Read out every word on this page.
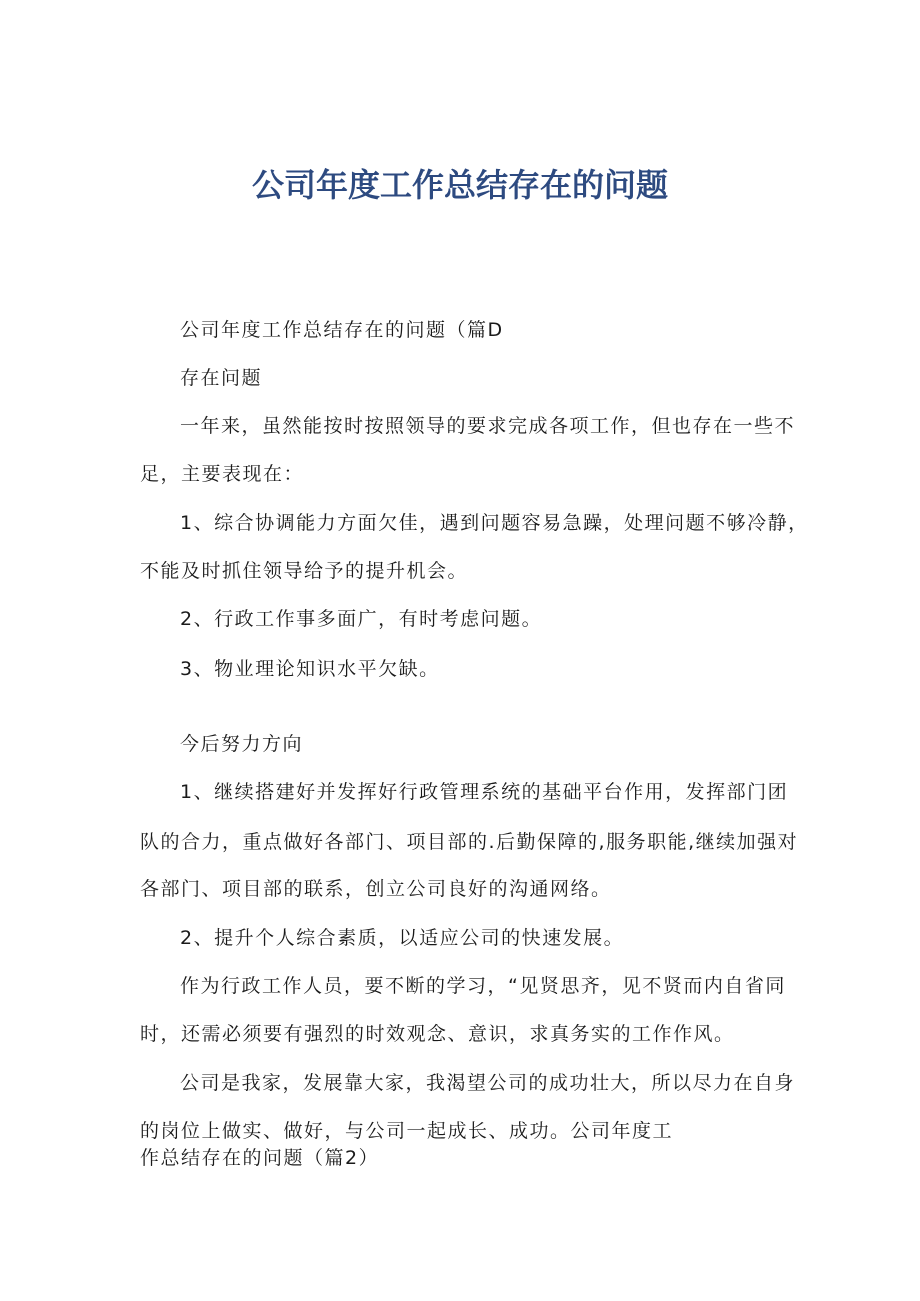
公司年度工作总结存在的问题
公司年度工作总结存在的问题（篇D
存在问题
一年来，虽然能按时按照领导的要求完成各项工作，但也存在一些不
足，主要表现在：
1、综合协调能力方面欠佳，遇到问题容易急躁，处理问题不够冷静，
不能及时抓住领导给予的提升机会。
2、行政工作事多面广，有时考虑问题。
3、物业理论知识水平欠缺。
今后努力方向
1、继续搭建好并发挥好行政管理系统的基础平台作用，发挥部门团
队的合力，重点做好各部门、项目部的.后勤保障的,服务职能,继续加强对
各部门、项目部的联系，创立公司良好的沟通网络。
2、提升个人综合素质，以适应公司的快速发展。
作为行政工作人员，要不断的学习，“见贤思齐，见不贤而内自省同
时，还需必须要有强烈的时效观念、意识，求真务实的工作作风。
公司是我家，发展靠大家，我渴望公司的成功壮大，所以尽力在自身
的岗位上做实、做好，与公司一起成长、成功。公司年度工
作总结存在的问题（篇2）
